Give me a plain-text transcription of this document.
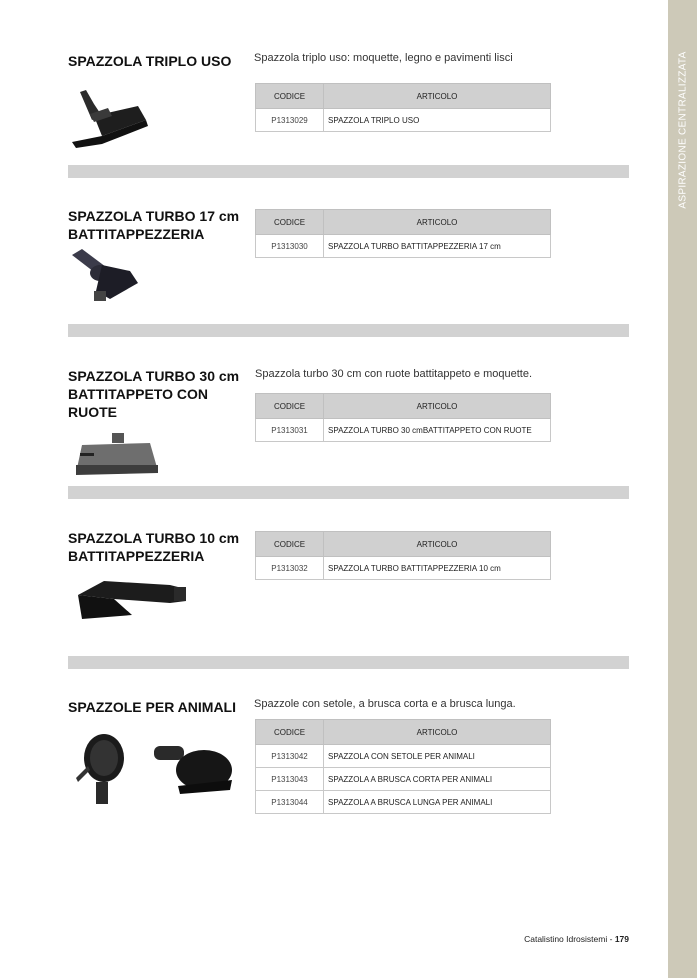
ASPIRAZIONE CENTRALIZZATA
SPAZZOLA TRIPLO USO	Spazzola triplo uso: moquette, legno e pavimenti lisci
CODICE	ARTICOLO
P1313029	SPAZZOLA TRIPLO USO
SPAZZOLA TURBO 17 cm BATTITAPPEZZERIA
CODICE	ARTICOLO
P1313030	SPAZZOLA TURBO BATTITAPPEZZERIA 17 cm
SPAZZOLA TURBO 30 cm BATTITAPPETO CON RUOTE
Spazzola turbo 30 cm con ruote battitappeto e moquette.
CODICE	ARTICOLO
P1313031	SPAZZOLA TURBO 30 cmBATTITAPPETO CON RUOTE
SPAZZOLA TURBO 10 cm BATTITAPPEZZERIA
CODICE	ARTICOLO
P1313032	SPAZZOLA TURBO BATTITAPPEZZERIA 10 cm
SPAZZOLE PER ANIMALI	Spazzole con setole, a brusca corta e a brusca lunga.
CODICE	ARTICOLO
P1313042	SPAZZOLA CON SETOLE PER ANIMALI
P1313043	SPAZZOLA A BRUSCA CORTA PER ANIMALI
P1313044	SPAZZOLA A BRUSCA LUNGA PER ANIMALI
Catalistino Idrosistemi - 179
